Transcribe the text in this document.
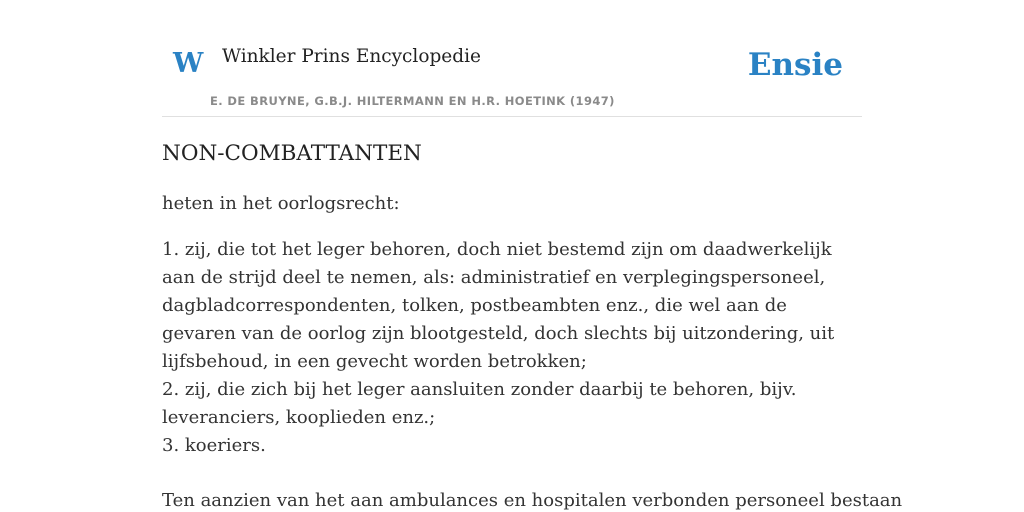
W Winkler Prins Encyclopedie
E. DE BRUYNE, G.B.J. HILTERMANN EN H.R. HOETINK (1947)
Ensie
NON-COMBATTANTEN

heten in het oorlogsrecht:

1. zij, die tot het leger behoren, doch niet bestemd zijn om daadwerkelijk aan de strijd deel te nemen, als: administratief en verplegingspersoneel, dagbladcorrespondenten, tolken, postbeambten enz., die wel aan de gevaren van de oorlog zijn blootgesteld, doch slechts bij uitzondering, uit lijfsbehoud, in een gevecht worden betrokken;
2. zij, die zich bij het leger aansluiten zonder daarbij te behoren, bijv. leveranciers, kooplieden enz.;
3. koeriers.

Ten aanzien van het aan ambulances en hospitalen verbonden personeel bestaan
